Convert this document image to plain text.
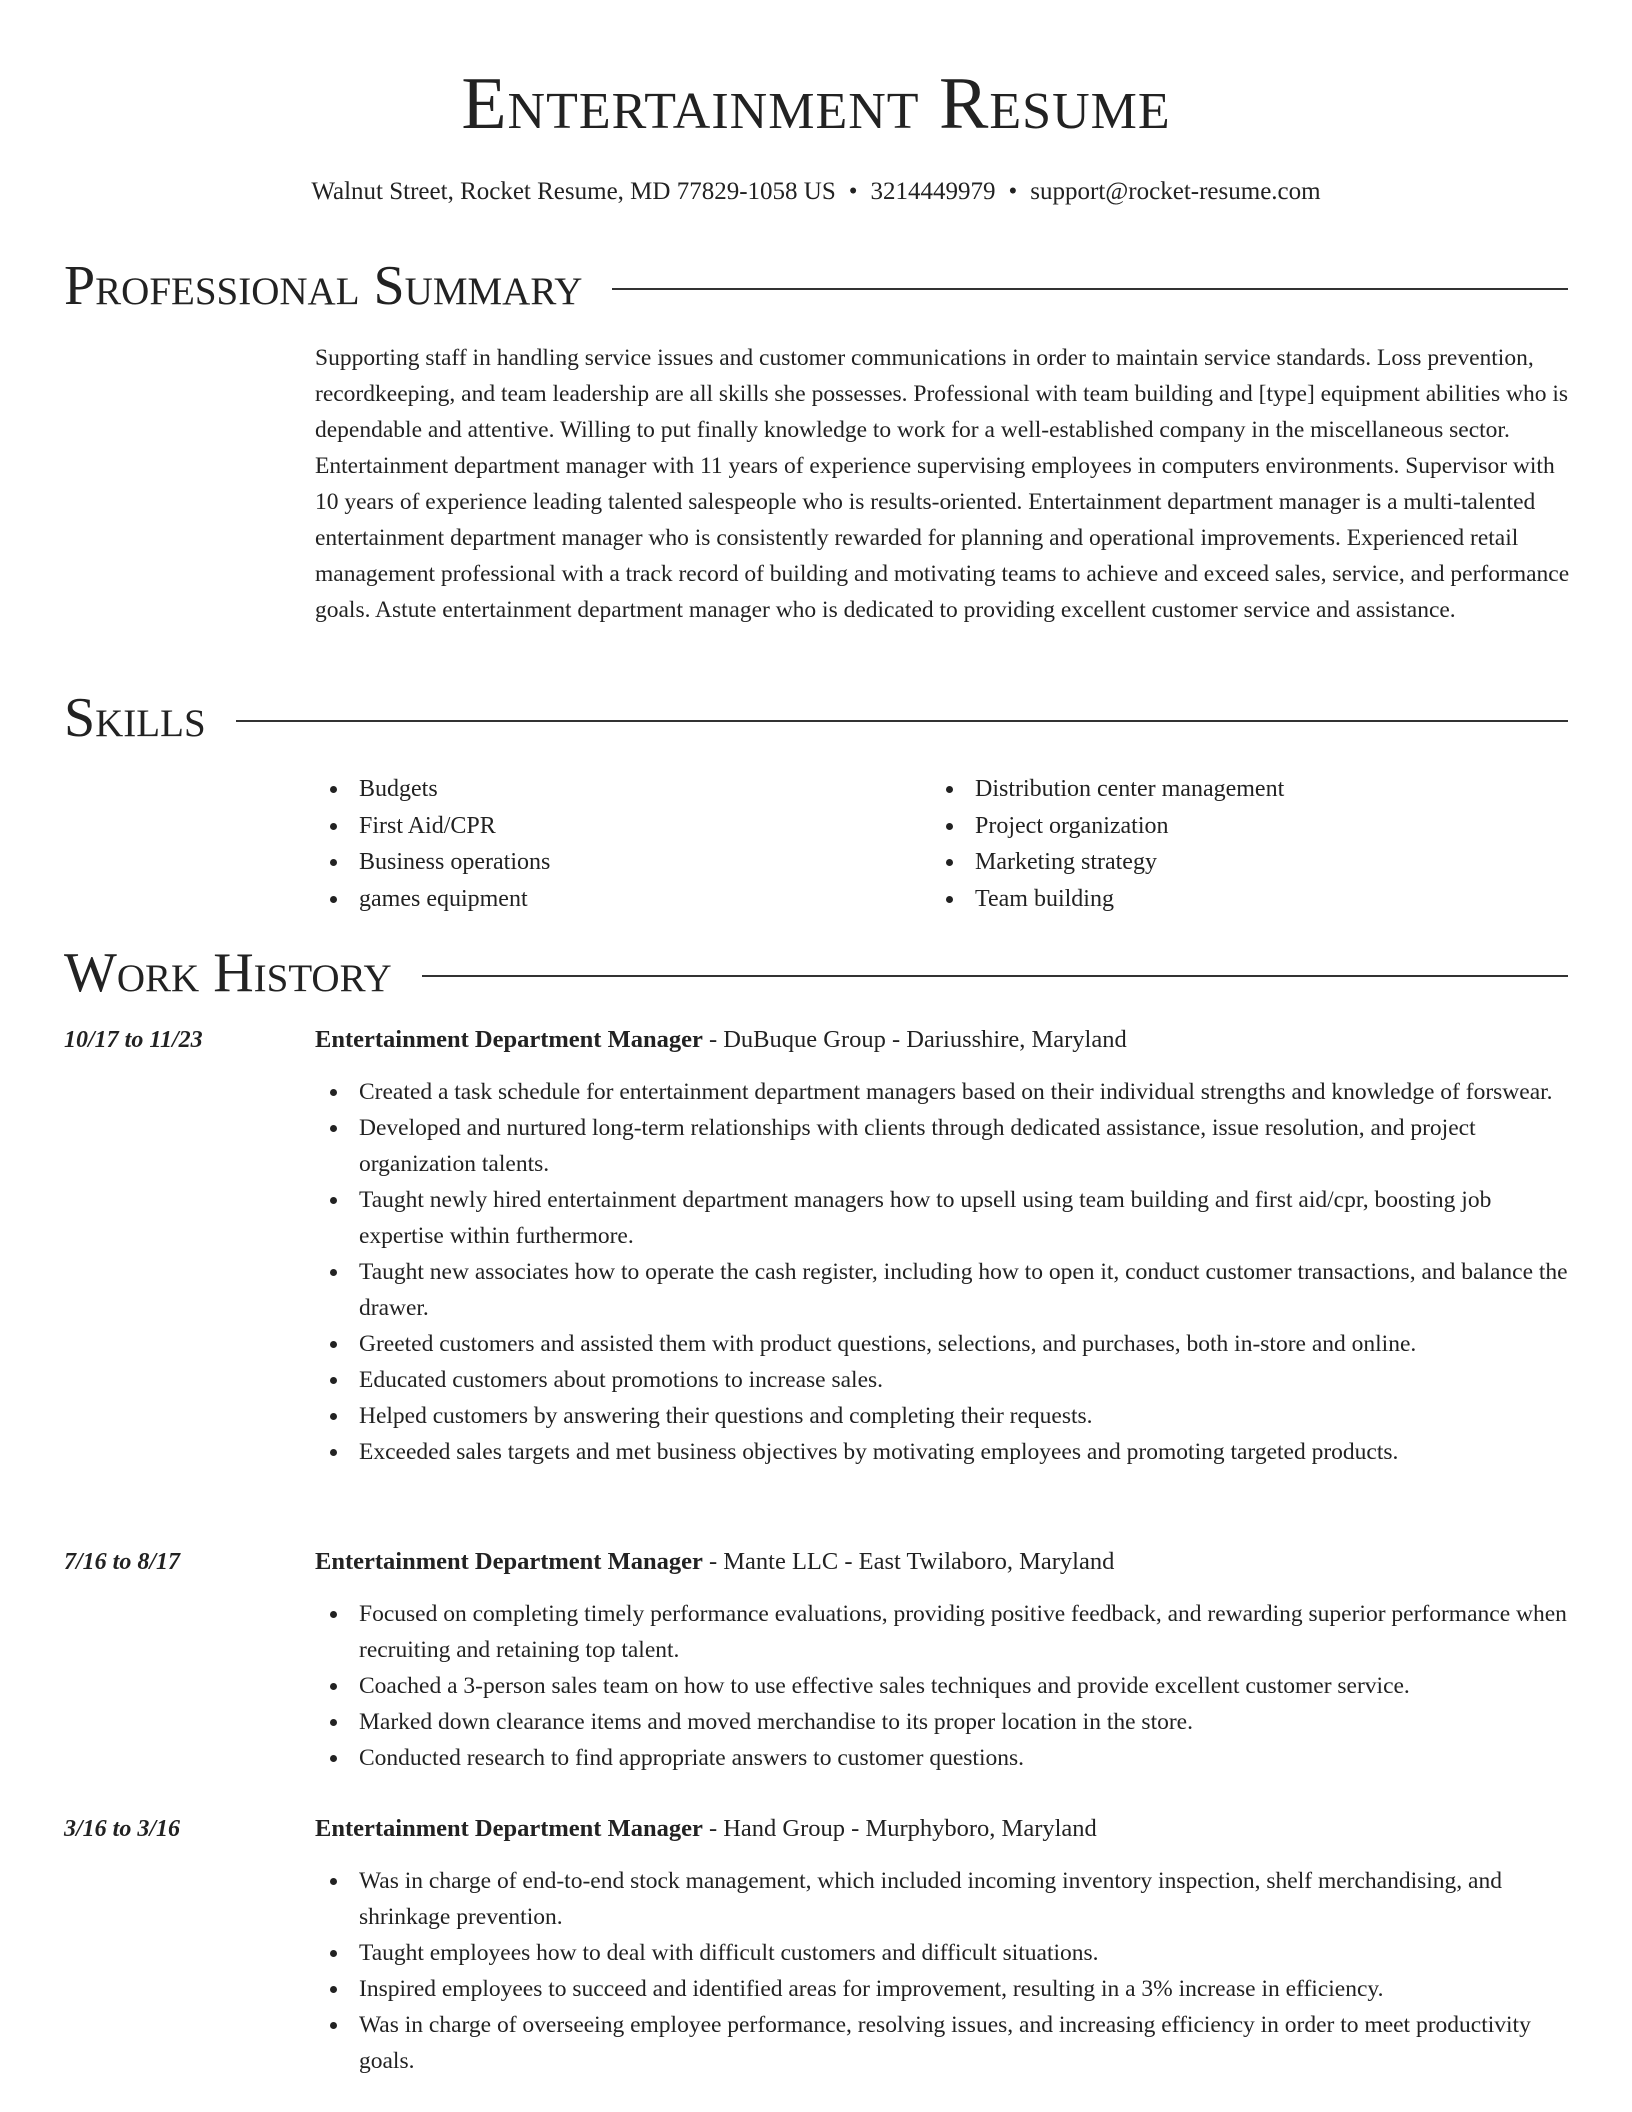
Entertainment Resume
Walnut Street, Rocket Resume, MD 77829-1058 US • 3214449979 • support@rocket-resume.com
Professional Summary

Supporting staff in handling service issues and customer communications in order to maintain service standards. Loss prevention, recordkeeping, and team leadership are all skills she possesses. Professional with team building and [type] equipment abilities who is dependable and attentive. Willing to put finally knowledge to work for a well-established company in the miscellaneous sector. Entertainment department manager with 11 years of experience supervising employees in computers environments. Supervisor with 10 years of experience leading talented salespeople who is results-oriented. Entertainment department manager is a multi-talented entertainment department manager who is consistently rewarded for planning and operational improvements. Experienced retail management professional with a track record of building and motivating teams to achieve and exceed sales, service, and performance goals. Astute entertainment department manager who is dedicated to providing excellent customer service and assistance.

Skills
Budgets
First Aid/CPR
Business operations
games equipment
Distribution center management
Project organization
Marketing strategy
Team building
Work History
10/17 to 11/23	Entertainment Department Manager - DuBuque Group - Dariusshire, Maryland
Created a task schedule for entertainment department managers based on their individual strengths and knowledge of forswear.
Developed and nurtured long-term relationships with clients through dedicated assistance, issue resolution, and project organization talents.
Taught newly hired entertainment department managers how to upsell using team building and first aid/cpr, boosting job expertise within furthermore.
Taught new associates how to operate the cash register, including how to open it, conduct customer transactions, and balance the drawer.
Greeted customers and assisted them with product questions, selections, and purchases, both in-store and online.
Educated customers about promotions to increase sales.
Helped customers by answering their questions and completing their requests.
Exceeded sales targets and met business objectives by motivating employees and promoting targeted products.
7/16 to 8/17	Entertainment Department Manager - Mante LLC - East Twilaboro, Maryland
Focused on completing timely performance evaluations, providing positive feedback, and rewarding superior performance when recruiting and retaining top talent.
Coached a 3-person sales team on how to use effective sales techniques and provide excellent customer service.
Marked down clearance items and moved merchandise to its proper location in the store.
Conducted research to find appropriate answers to customer questions.
3/16 to 3/16	Entertainment Department Manager - Hand Group - Murphyboro, Maryland
Was in charge of end-to-end stock management, which included incoming inventory inspection, shelf merchandising, and shrinkage prevention.
Taught employees how to deal with difficult customers and difficult situations.
Inspired employees to succeed and identified areas for improvement, resulting in a 3% increase in efficiency.
Was in charge of overseeing employee performance, resolving issues, and increasing efficiency in order to meet productivity goals.
